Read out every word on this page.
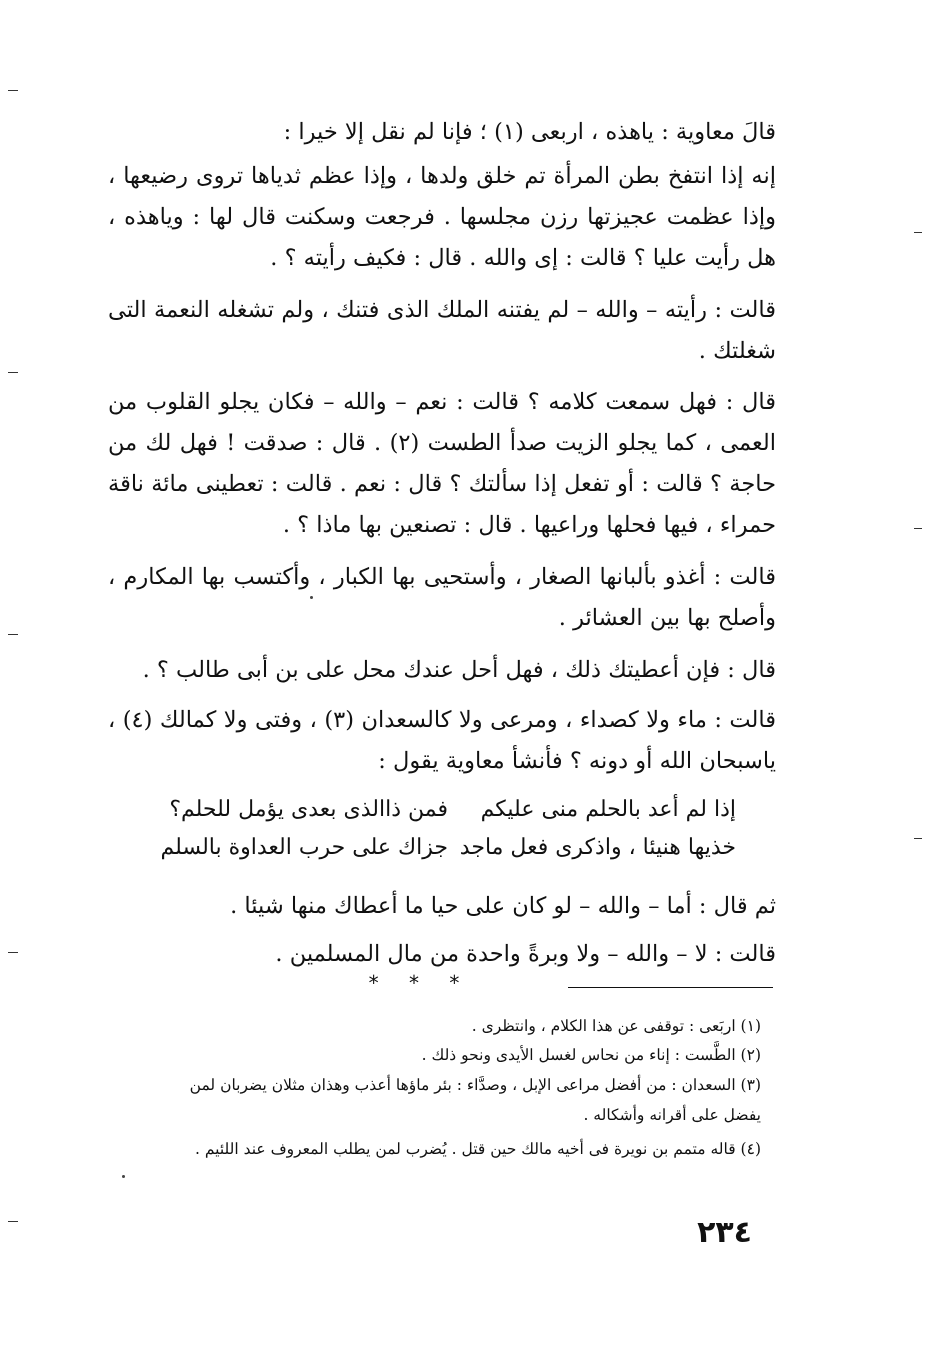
قالَ معاوية : ياهذه ، اربعى (١) ؛ فإنا لم نقل إلا خيرا :
إنه إذا انتفخ بطن المرأة تم خلق ولدها ، وإذا عظم ثدياها تروى رضيعها ، وإذا عظمت عجيزتها رزن مجلسها . فرجعت وسكنت قال لها : وياهذه ، هل رأيت عليا ؟ قالت : إى والله . قال : فكيف رأيته ؟ .
قالت : رأيته – والله – لم يفتنه الملك الذى فتنك ، ولم تشغله النعمة التى شغلتك .
قال : فهل سمعت كلامه ؟ قالت : نعم – والله – فكان يجلو القلوب من العمى ، كما يجلو الزيت صدأ الطست (٢) . قال : صدقت ! فهل لك من حاجة ؟ قالت : أو تفعل إذا سألتك ؟ قال : نعم . قالت : تعطينى مائة ناقة حمراء ، فيها فحلها وراعيها . قال : تصنعين بها ماذا ؟ .
قالت : أغذو بألبانها الصغار ، وأستحيى بها الكبار ، وأكتسب بها المكارم ، وأصلح بها بين العشائر .
قال : فإن أعطيتك ذلك ، فهل أحل عندك محل على بن أبى طالب ؟ .
قالت : ماء ولا كصداء ، ومرعى ولا كالسعدان (٣) ، وفتى ولا كمالك (٤) ، ياسبحان الله أو دونه ؟ فأنشأ معاوية يقول :
إذا لم أعد بالحلم منى عليكم
فمن ذاالذى بعدى يؤمل للحلم؟
خذيها هنيئا ، واذكرى فعل ماجد
جزاك على حرب العداوة بالسلم
ثم قال : أما – والله – لو كان على حيا ما أعطاك منها شيئا .
قالت : لا – والله – ولا وبرةً واحدة من مال المسلمين .
* * *
(١) اربَعى : توقفى عن هذا الكلام ، وانتظرى .
(٢) الطَّست : إناء من نحاس لغسل الأيدى ونحو ذلك .
(٣) السعدان : من أفضل مراعى الإبل ، وصدَّاء : بئر ماؤها أعذب وهذان مثلان يضربان لمن
يفضل على أقرانه وأشكاله .
(٤) قاله متمم بن نويرة فى أخيه مالك حين قتل . يُضرب لمن يطلب المعروف عند اللئيم .
٢٣٤
